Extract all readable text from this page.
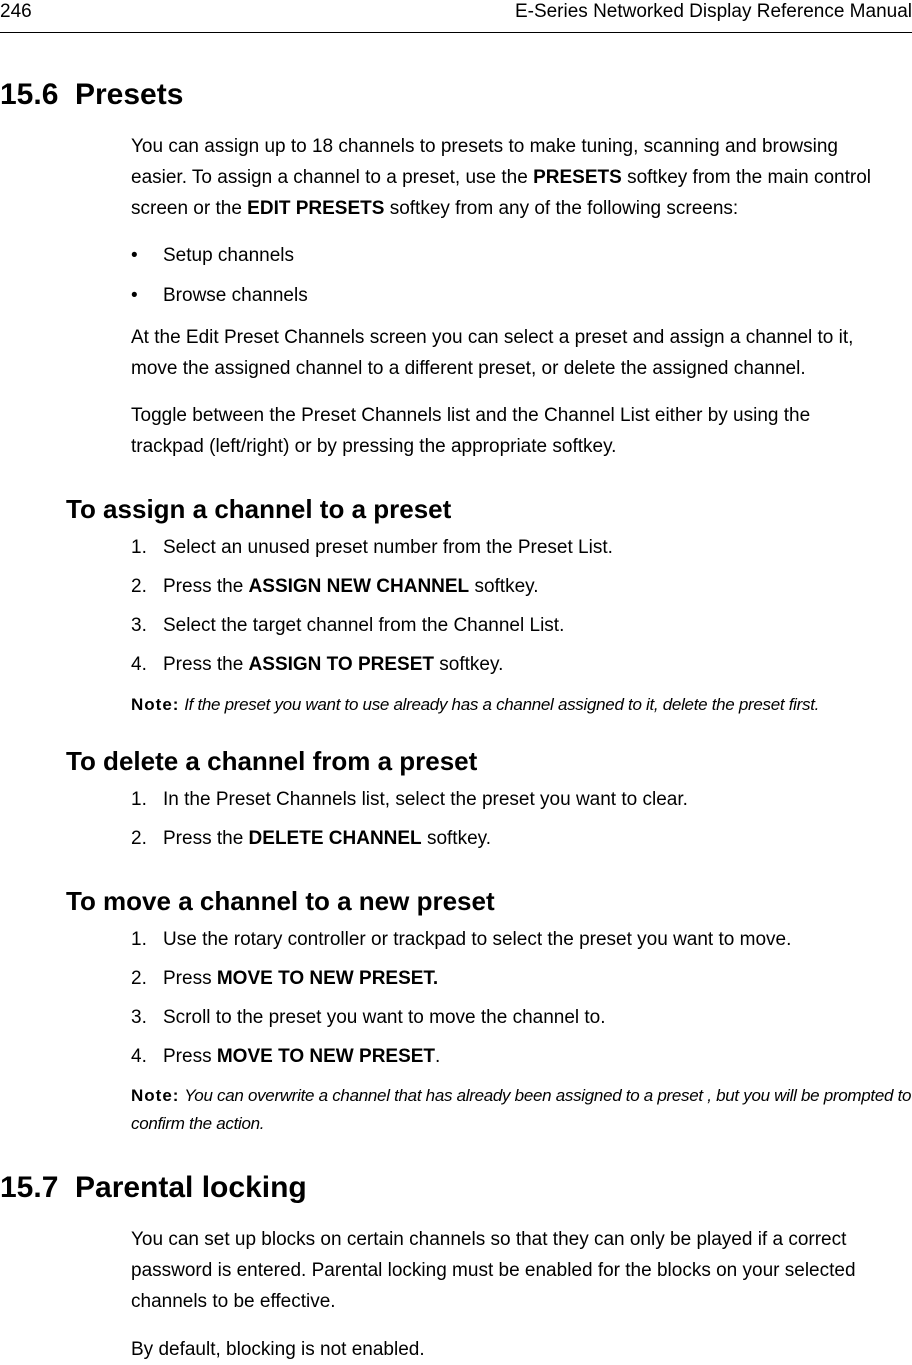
246	E-Series Networked Display Reference Manual
15.6 Presets
You can assign up to 18 channels to presets to make tuning, scanning and browsing
easier. To assign a channel to a preset, use the PRESETS softkey from the main control
screen or the EDIT PRESETS softkey from any of the following screens:
• Setup channels
• Browse channels
At the Edit Preset Channels screen you can select a preset and assign a channel to it,
move the assigned channel to a different preset, or delete the assigned channel.
Toggle between the Preset Channels list and the Channel List either by using the
trackpad (left/right) or by pressing the appropriate softkey.
To assign a channel to a preset
1. Select an unused preset number from the Preset List.
2. Press the ASSIGN NEW CHANNEL softkey.
3. Select the target channel from the Channel List.
4. Press the ASSIGN TO PRESET softkey.
Note: If the preset you want to use already has a channel assigned to it, delete the preset first.
To delete a channel from a preset
1. In the Preset Channels list, select the preset you want to clear.
2. Press the DELETE CHANNEL softkey.
To move a channel to a new preset
1. Use the rotary controller or trackpad to select the preset you want to move.
2. Press MOVE TO NEW PRESET.
3. Scroll to the preset you want to move the channel to.
4. Press MOVE TO NEW PRESET.
Note: You can overwrite a channel that has already been assigned to a preset , but you will be prompted to confirm the action.
15.7 Parental locking
You can set up blocks on certain channels so that they can only be played if a correct
password is entered. Parental locking must be enabled for the blocks on your selected
channels to be effective.
By default, blocking is not enabled.
